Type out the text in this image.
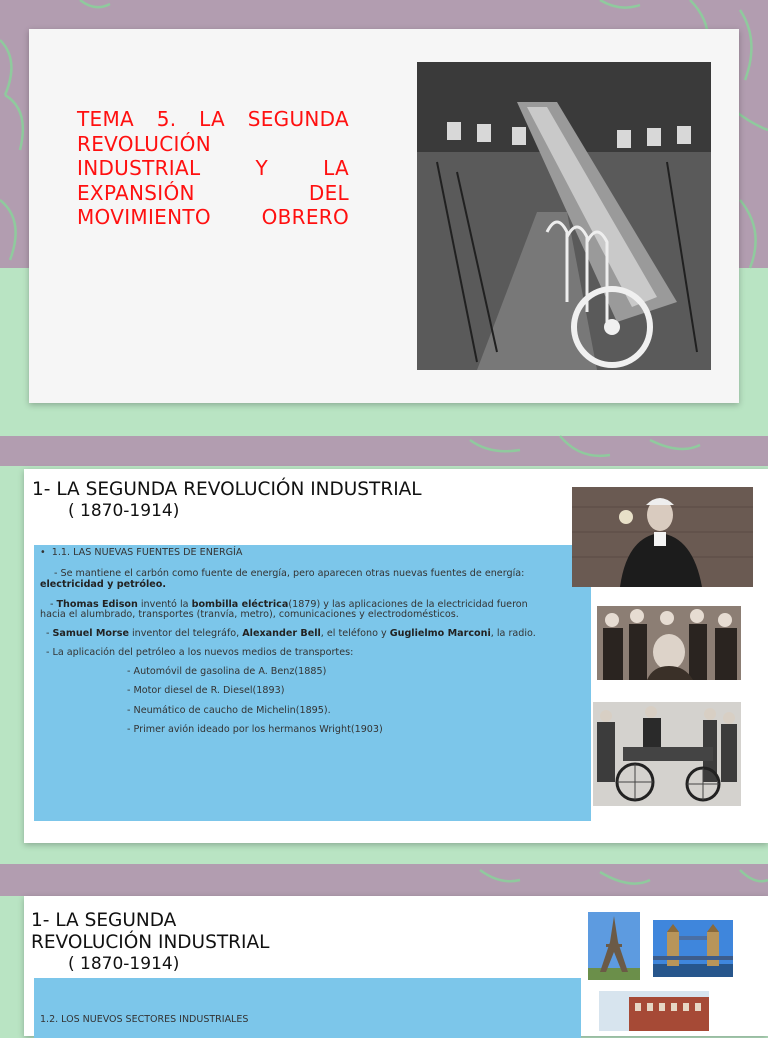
TEMA 5. LA SEGUNDA
REVOLUCIÓN
INDUSTRIAL Y LA
EXPANSIÓN DEL
MOVIMIENTO OBRERO
1- LA SEGUNDA REVOLUCIÓN INDUSTRIAL
( 1870-1914)

•  1.1. LAS NUEVAS FUENTES DE ENERGÍA

- Se mantiene el carbón como fuente de energía, pero aparecen otras nuevas fuentes de energía:

electricidad y petróleo.

- Thomas Edison inventó la bombilla eléctrica(1879) y las aplicaciones de la electricidad fueron

hacia el alumbrado, transportes (tranvía, metro), comunicaciones y electrodomésticos.

- Samuel Morse inventor del telegráfo, Alexander Bell, el teléfono y Guglielmo Marconi, la radio.

- La aplicación del petróleo a los nuevos medios de transportes:

- Automóvil de gasolina de A. Benz(1885)

- Motor diesel de R. Diesel(1893)

- Neumático de caucho de Michelin(1895).

- Primer avión ideado por los hermanos Wright(1903)

1- LA SEGUNDA
REVOLUCIÓN INDUSTRIAL
( 1870-1914)

1.2. LOS NUEVOS SECTORES INDUSTRIALES
